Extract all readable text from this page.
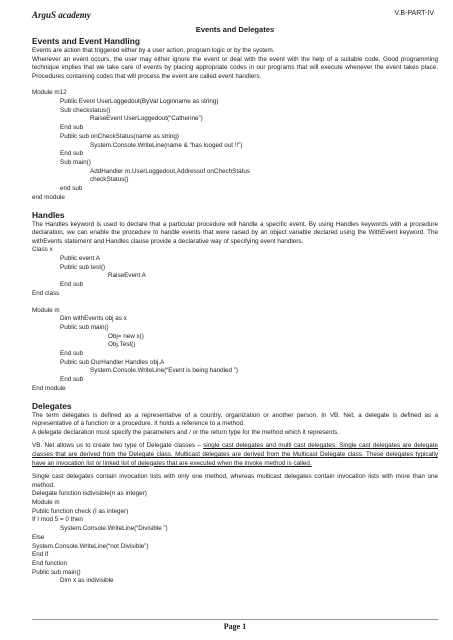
ArguS academy	V.B-PART-IV
Events and Delegates
Events and Event Handling

Events are action that triggered either by a user action, program logic or by the system.

Whenever an event occurs, the user may either ignore the event or deal with the event with the help of a suitable code. Good programming technique implies that we take care of events by placing appropriate codes in our programs that will execute whenever the event takes place. Procedures containing codes that will process the event are called event handlers.

Module m12
Public Event UserLoggedout(ByVal Loginname as string)
Sub checkstatus()
RaiseEvent UserLoggedout(“Catherine”)
End sub
Public sub onCheckStatus(name as string)
System.Console.WriteLine(name & “has looged out !!”)
End sub
Sub main()
AddHandler m.UserLoggedout,Addressof onChechStatus
checkStatus()
end sub
end module
Handles

The Handles keyword is used to declare that a particular procedure will handle a specific event. By using Handles keywords with a procedure declaration, we can enable the procedure to handle events that were raised by an object variable declared using the WithEvent keyword. The withEvents statement and Handles clause provide a declarative way of specifying event handlers.

Class x
Public event A
Public sub test()
RaiseEvent A
End sub
End class
Module m
Dim withEvents obj as x
Public sub main()
Obj= new x()
Obj.Test()
End sub
Public sub OurHandler Handles obj.A
System.Console.WriteLine(“Event is being handled ”)
End sub
End module
Delegates

The term delegates is defined as a representative of a country, organization or another person. In VB. Net, a delegate is defined as a representative of a function or a procedure. It holds a reference to a method.

A delegate declaration must specify the parameters and / or the return type for the method which it represents.

VB. Net allows us to create two type of Delegate classes – single cast delegates and multi cast delegates. Single cast delegates are delegate classes that are derived from the Delegate class. Multicast delegates are derived from the Multicast Delegate class. These delegates typically have an invocation list or linked list of delegates that are executed when the invoke method is called.

Single cast delegates contain invocation lists with only one method, whereas multicast delegates contain invocation lists with more than one method.

Delegate function isdivisible(n as integer)
Module m
Public function check (I as integer)
If I mod 5 = 0 then
System.Console.WriteLine(“Divisible ”)
Else
System.Console.WriteLine(“not Divisible”)
End if
End function
Public sub main()
Dim x as indivisible
Page 1
